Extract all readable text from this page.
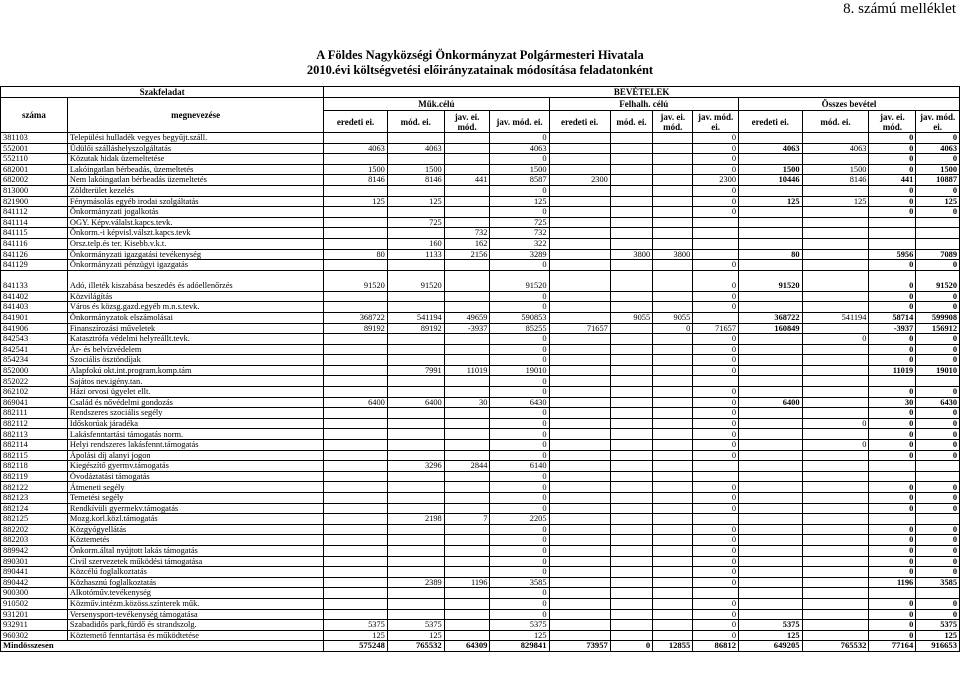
8. számú melléklet
A Földes Nagyközségi Önkormányzat Polgármesteri Hivatala
2010.évi költségvetési előirányzatainak módosítása feladatonként
Szakfeladat		BEVÉTELEK											
száma	megnevezése	Műk.célú				Felhalh. célú				Összes bevétel			
		eredeti ei.	mód. ei.	jav. ei. mód.	jav. mód. ei.	eredeti ei.	mód. ei.	jav. ei. mód.	jav. mód. ei.	eredeti ei.	mód. ei.	jav. ei. mód.	jav. mód. ei.
381103	Települési hulladék vegyes begyűjt.száll.				0				0			0	0
552001	Üdülői szálláshelyszolgáltatás	4063	4063		4063				0	4063	4063	0	4063
552110	Közutak hidak üzemeltetése				0				0			0	0
682001	Lakóingatlan bérbeadás, üzemeltetés	1500	1500		1500				0	1500	1500	0	1500
682002	Nem lakóingatlan bérbeadás üzemeltetés	8146	8146	441	8587	2300			2300	10446	8146	441	10887
813000	Zöldterület kezelés				0				0			0	0
821900	Fénymásolás egyéb irodai szolgáltatás	125	125		125				0	125	125	0	125
841112	Önkormányzati jogalkotás				0				0			0	0
841114	OGY. Képv.válalst.kapcs.tevk.		725		725								
841115	Önkorm.-i képvisl.válszt.kapcs.tevk			732	732								
841116	Orsz.telp.és ter. Kisebb.v.k.t.		160	162	322								
841126	Önkormányzati igazgatási tevékenység	80	1133	2156	3289		3800	3800		80		5956	7089
841129	Önkormányzati pénzügyi igazgatás				0				0			0	0
841133	Adó, illeték kiszabása beszedés és adóellenőrzés	91520	91520		91520				0	91520		0	91520
841402	Közvilágítás				0				0			0	0
841403	Város és közsg.gazd.egyéb m.n.s.tevk.				0				0			0	0
841901	Önkormányzatok elszámolásai	368722	541194	49659	590853		9055	9055		368722	541194	58714	599908
841906	Finanszírozási műveletek	89192	89192	-3937	85255	71657		0	71657	160849		-3937	156912
842543	Katasztrófa védelmi helyreállt.tevk.				0				0		0	0	0
842541	Ár- és belvízvédelem				0				0			0	0
854234	Szociális ösztöndíjak				0				0			0	0
852000	Alapfokú okt.int.program.komp.tám		7991	11019	19010				0			11019	19010
852022	Sajátos nev.igény.tan.				0								
862102	Házi orvosi ügyelet ellt.				0				0			0	0
869041	Család és nővédelmi gondozás	6400	6400	30	6430				0	6400		30	6430
882111	Rendszeres szociális segély				0				0			0	0
882112	Időskorúak járadéka				0				0		0	0	0
882113	Lakásfenntartási támogatás norm.				0				0			0	0
882114	Helyi rendszeres lakásfennt.támogatás				0				0		0	0	0
882115	Ápolási díj alanyi jogon				0				0			0	0
882118	Kiegészítő gyermv.támogatás		3296	2844	6140								
882119	Óvodáztatási támogatás				0								
882122	Átmeneti segély				0				0			0	0
882123	Temetési segély				0				0			0	0
882124	Rendkívüli gyermekv.támogatás				0				0			0	0
882125	Mozg.korl.közl.támogatás		2198	7	2205								
882202	Közgyógyellátás				0				0			0	0
882203	Köztemetés				0				0			0	0
889942	Önkorm.által nyújtott lakás támogatás				0				0			0	0
890301	Civil szervezetek működési támogatása				0				0			0	0
890441	Közcélú foglalkoztatás				0				0			0	0
890442	Közhasznú foglalkoztatás		2389	1196	3585				0			1196	3585
900300	Alkotóműv.tevékenység				0								
910502	Közműv.intézm.közöss.színterek műk.				0				0			0	0
931201	Versenysport-tevékenység támogatása				0				0			0	0
932911	Szabadidős park,fürdő és strandszolg.	5375	5375		5375				0	5375		0	5375
960302	Köztemető fenntartása és működtetése	125	125		125				0	125		0	125
Mindösszesen		575248	765532	64309	829841	73957	0	12855	86812	649205	765532	77164	916653
